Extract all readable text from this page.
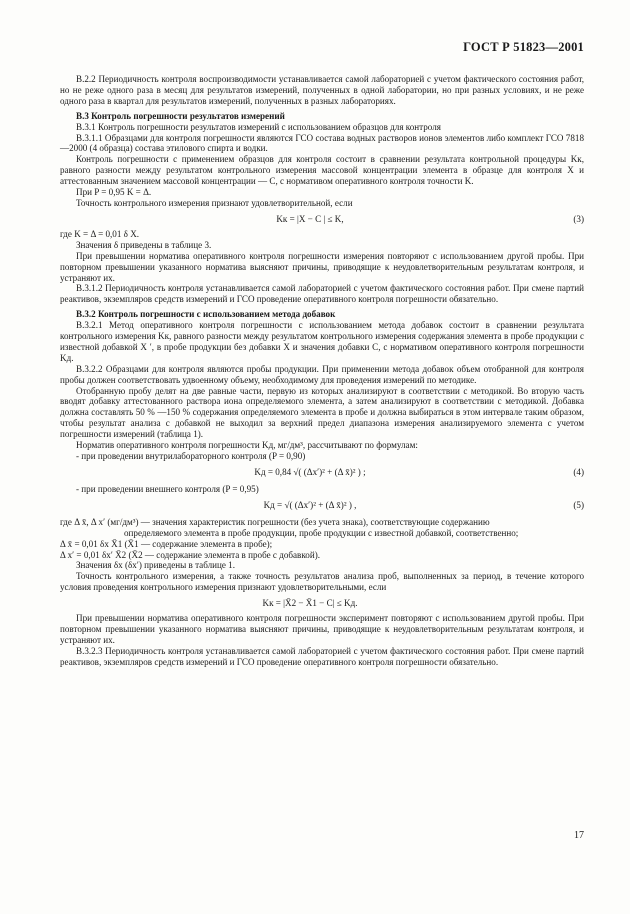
ГОСТ Р 51823—2001

В.2.2 Периодичность контроля воспроизводимости устанавливается самой лабораторией с учетом фактического состояния работ, но не реже одного раза в месяц для результатов измерений, полученных в одной лаборатории, но при разных условиях, и не реже одного раза в квартал для результатов измерений, полученных в разных лабораториях.

В.3 Контроль погрешности результатов измерений

В.3.1 Контроль погрешности результатов измерений с использованием образцов для контроля

В.3.1.1 Образцами для контроля погрешности являются ГСО состава водных растворов ионов элементов либо комплект ГСО 7818—2000 (4 образца) состава этилового спирта и водки.

Контроль погрешности с применением образцов для контроля состоит в сравнении результата контрольной процедуры Kк, равного разности между результатом контрольного измерения массовой концентрации элемента в образце для контроля X и аттестованным значением массовой концентрации — С, с нормативом оперативного контроля точности K.

При P = 0,95 K = Δ.

Точность контрольного измерения признают удовлетворительной, если

Kк = |X − C | ≤ K,	(3)

где K = Δ = 0,01 δ X.

Значения δ приведены в таблице 3.

При превышении норматива оперативного контроля погрешности измерения повторяют с использованием другой пробы. При повторном превышении указанного норматива выясняют причины, приводящие к неудовлетворительным результатам контроля, и устраняют их.

В.3.1.2 Периодичность контроля устанавливается самой лабораторией с учетом фактического состояния работ. При смене партий реактивов, экземпляров средств измерений и ГСО проведение оперативного контроля погрешности обязательно.

В.3.2 Контроль погрешности с использованием метода добавок

В.3.2.1 Метод оперативного контроля погрешности с использованием метода добавок состоит в сравнении результата контрольного измерения Kк, равного разности между результатом контрольного измерения содержания элемента в пробе продукции с известной добавкой X ′, в пробе продукции без добавки X и значения добавки С, с нормативом оперативного контроля погрешности Kд.

В.3.2.2 Образцами для контроля являются пробы продукции. При применении метода добавок объем отобранной для контроля пробы должен соответствовать удвоенному объему, необходимому для проведения измерений по методике.

Отобранную пробу делят на две равные части, первую из которых анализируют в соответствии с методикой. Во вторую часть вводят добавку аттестованного раствора иона определяемого элемента, а затем анализируют в соответствии с методикой. Добавка должна составлять 50 % —150 % содержания определяемого элемента в пробе и должна выбираться в этом интервале таким образом, чтобы результат анализа с добавкой не выходил за верхний предел диапазона измерения анализируемого элемента с учетом погрешности измерений (таблица 1).

Норматив оперативного контроля погрешности Kд, мг/дм³, рассчитывают по формулам:

- при проведении внутрилабораторного контроля (P = 0,90)

Kд = 0,84 √( (Δx′)² + (Δ x̄)² ) ;	(4)

- при проведении внешнего контроля (P = 0,95)

Kд = √( (Δx′)² + (Δ x̄)² ) ,	(5)

где Δ x̄, Δ x′ (мг/дм³) — значения характеристик погрешности (без учета знака), соответствующие содержанию

определяемого элемента в пробе продукции, пробе продукции с известной добавкой, соответственно;

Δ x̄ = 0,01 δх X̄1 (X̄1 — содержание элемента в пробе);

Δ x′ = 0,01 δх′ X̄2 (X̄2 — содержание элемента в пробе с добавкой).

Значения δх (δх′) приведены в таблице 1.

Точность контрольного измерения, а также точность результатов анализа проб, выполненных за период, в течение которого условия проведения контрольного измерения признают удовлетворительными, если

Kк = |X̄2 − X̄1 − C| ≤ Kд.

При превышении норматива оперативного контроля погрешности эксперимент повторяют с использованием другой пробы. При повторном превышении указанного норматива выясняют причины, приводящие к неудовлетворительным результатам контроля, и устраняют их.

В.3.2.3 Периодичность контроля устанавливается самой лабораторией с учетом фактического состояния работ. При смене партий реактивов, экземпляров средств измерений и ГСО проведение оперативного контроля погрешности обязательно.

17
